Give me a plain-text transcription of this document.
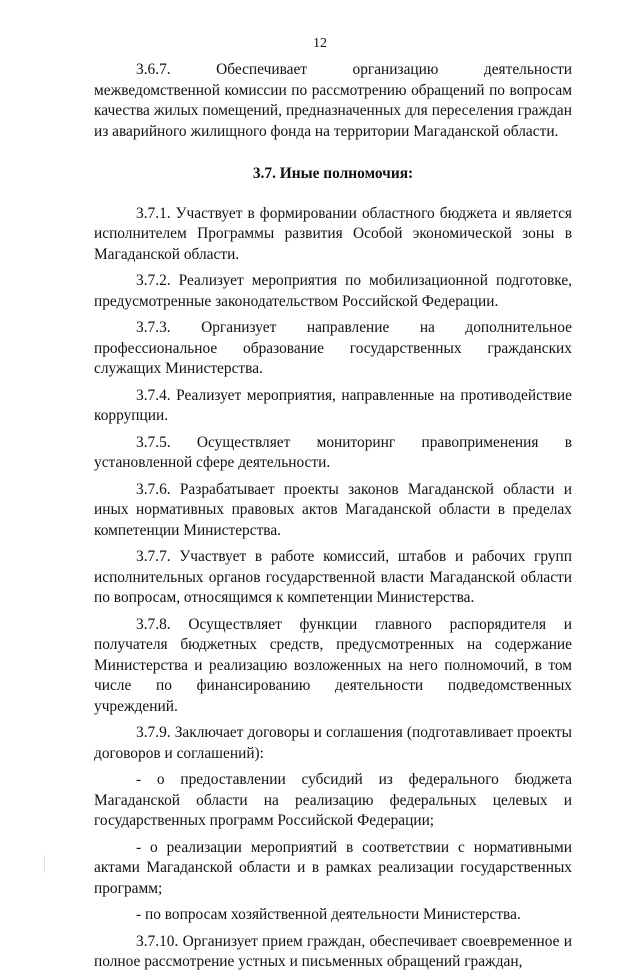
12

3.6.7. Обеспечивает организацию деятельности межведомственной комиссии по рассмотрению обращений по вопросам качества жилых помещений, предназначенных для переселения граждан из аварийного жилищного фонда на территории Магаданской области.

3.7. Иные полномочия:

3.7.1. Участвует в формировании областного бюджета и является исполнителем Программы развития Особой экономической зоны в Магаданской области.

3.7.2. Реализует мероприятия по мобилизационной подготовке, предусмотренные законодательством Российской Федерации.

3.7.3. Организует направление на дополнительное профессиональное образование государственных гражданских служащих Министерства.

3.7.4. Реализует мероприятия, направленные на противодействие коррупции.

3.7.5. Осуществляет мониторинг правоприменения в установленной сфере деятельности.

3.7.6. Разрабатывает проекты законов Магаданской области и иных нормативных правовых актов Магаданской области в пределах компетенции Министерства.

3.7.7. Участвует в работе комиссий, штабов и рабочих групп исполнительных органов государственной власти Магаданской области по вопросам, относящимся к компетенции Министерства.

3.7.8. Осуществляет функции главного распорядителя и получателя бюджетных средств, предусмотренных на содержание Министерства и реализацию возложенных на него полномочий, в том числе по финансированию деятельности подведомственных учреждений.

3.7.9. Заключает договоры и соглашения (подготавливает проекты договоров и соглашений):

- о предоставлении субсидий из федерального бюджета Магаданской области на реализацию федеральных целевых и государственных программ Российской Федерации;

- о реализации мероприятий в соответствии с нормативными актами Магаданской области и в рамках реализации государственных программ;

- по вопросам хозяйственной деятельности Министерства.

3.7.10. Организует прием граждан, обеспечивает своевременное и полное рассмотрение устных и письменных обращений граждан,
